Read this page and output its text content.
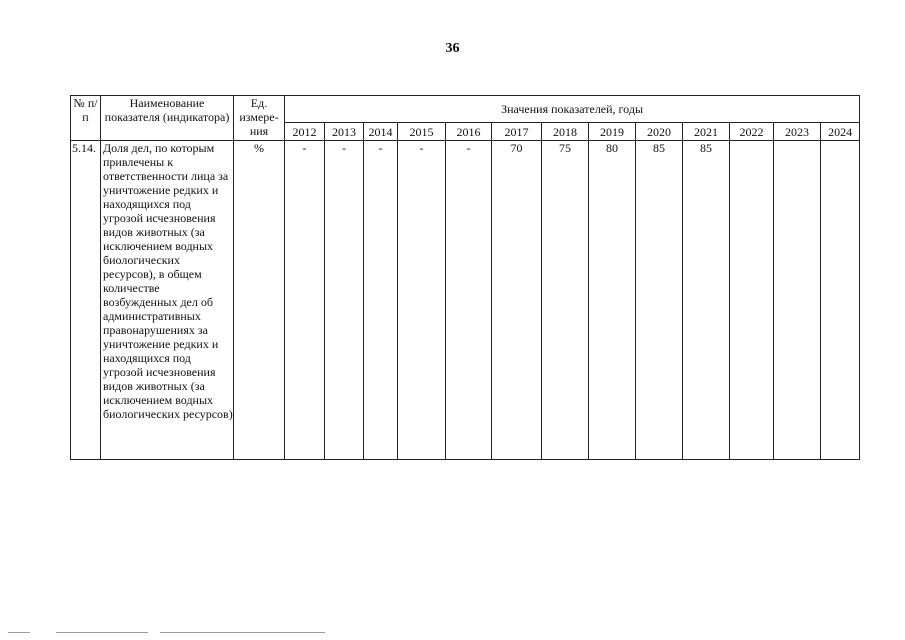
36
№ п/п	Наименование показателя (индикатора)	Ед. измере-ния	Значения показателей, годы												
			2012	2013	2014	2015	2016	2017	2018	2019	2020	2021	2022	2023	2024
5.14.	Доля дел, по которым привлечены к ответственности лица за уничтожение редких и находящихся под угрозой исчезновения видов животных (за исключением водных биологических ресурсов), в общем количестве возбужденных дел об административных правонарушениях за уничтожение редких и находящихся под угрозой исчезновения видов животных (за исключением водных биологических ресурсов)	%	-	-	-	-	-	70	75	80	85	85			
